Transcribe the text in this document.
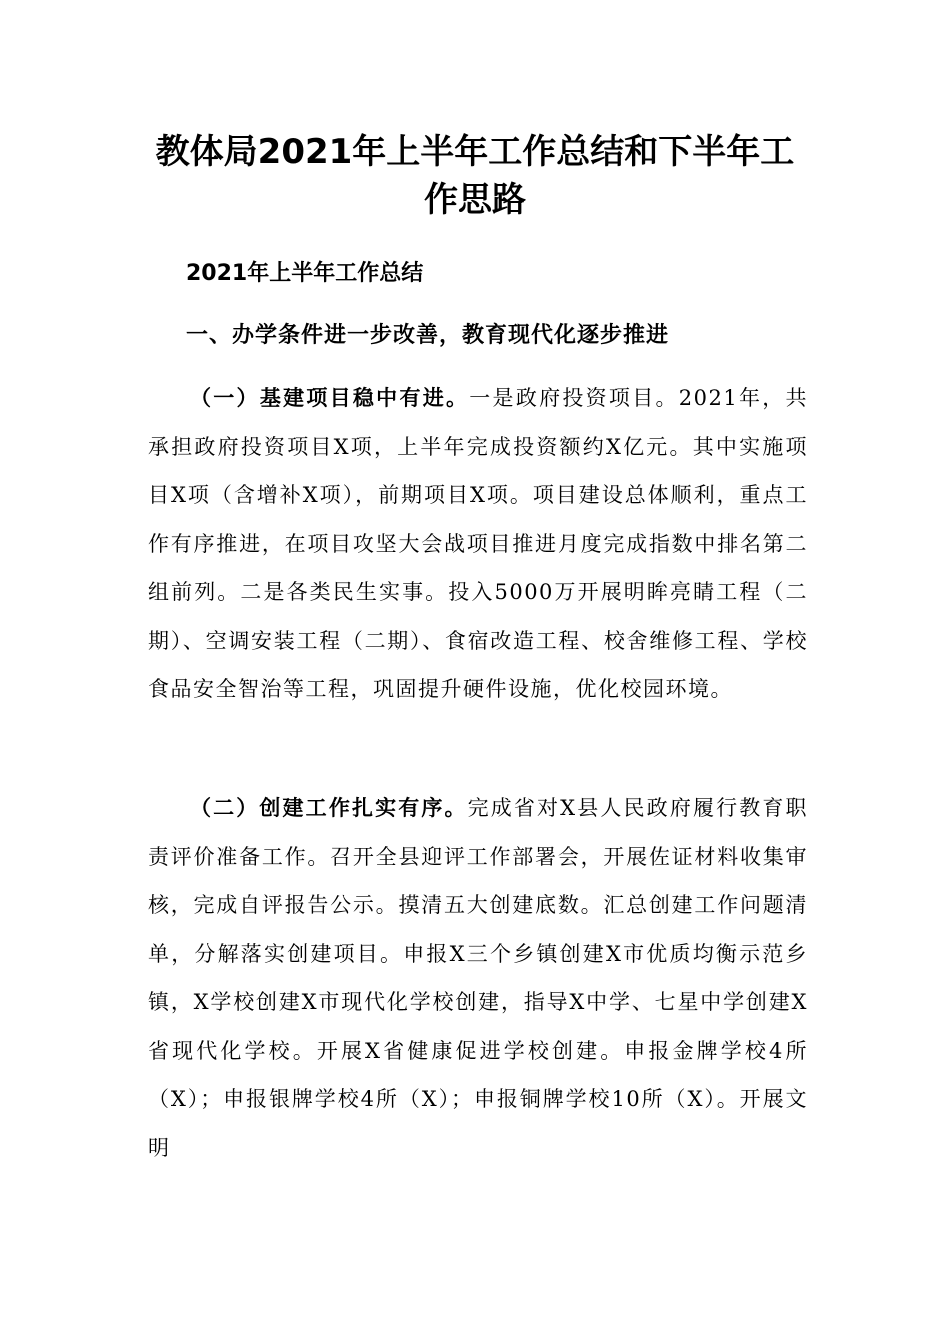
教体局2021年上半年工作总结和下半年工
作思路
2021年上半年工作总结
一、办学条件进一步改善，教育现代化逐步推进
（一）基建项目稳中有进。一是政府投资项目。2021年，共承担政府投资项目X项，上半年完成投资额约X亿元。其中实施项目X项（含增补X项），前期项目X项。项目建设总体顺利，重点工作有序推进，在项目攻坚大会战项目推进月度完成指数中排名第二组前列。二是各类民生实事。投入5000万开展明眸亮睛工程（二期）、空调安装工程（二期）、食宿改造工程、校舍维修工程、学校食品安全智治等工程，巩固提升硬件设施，优化校园环境。
（二）创建工作扎实有序。完成省对X县人民政府履行教育职责评价准备工作。召开全县迎评工作部署会，开展佐证材料收集审核，完成自评报告公示。摸清五大创建底数。汇总创建工作问题清单，分解落实创建项目。申报X三个乡镇创建X市优质均衡示范乡镇，X学校创建X市现代化学校创建，指导X中学、七星中学创建X省现代化学校。开展X省健康促进学校创建。申报金牌学校4所（X）；申报银牌学校4所（X）；申报铜牌学校10所（X）。开展文明
